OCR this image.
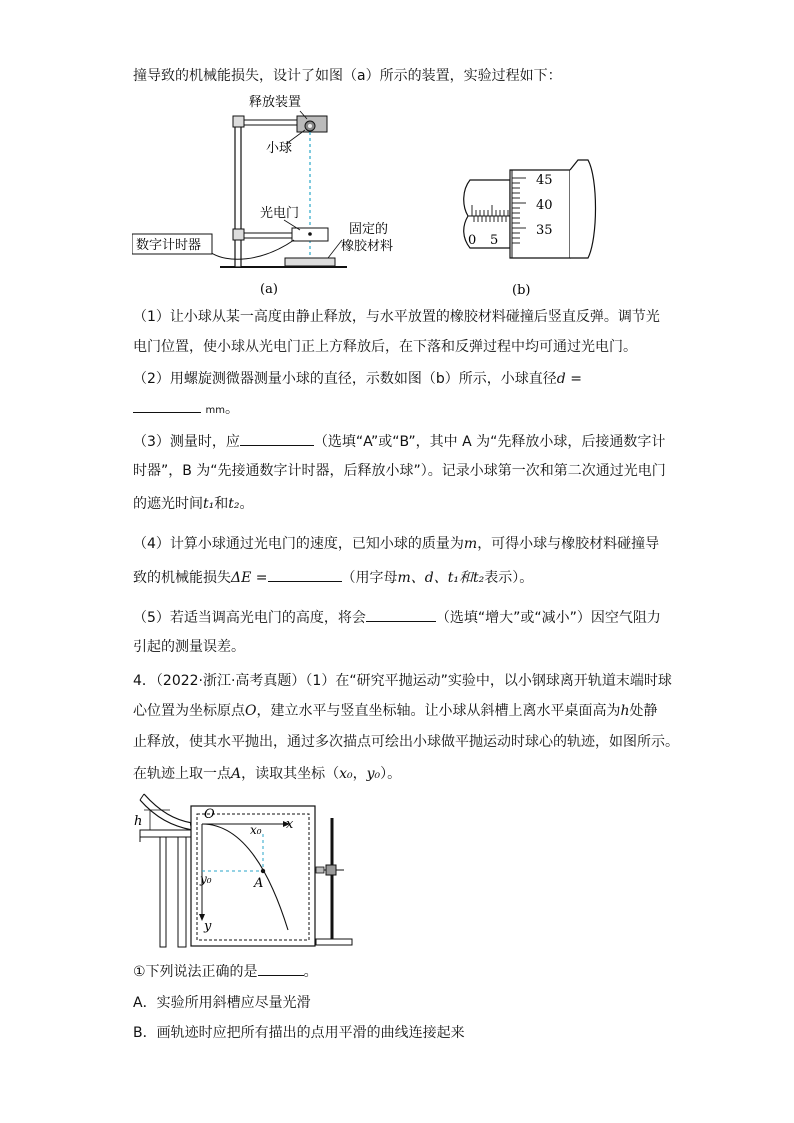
撞导致的机械能损失，设计了如图（a）所示的装置，实验过程如下：
数字计时器
释放装置
小球
光电门
固定的
橡胶材料
(a)
0 5
45
40
35
(b)
（1）让小球从某一高度由静止释放，与水平放置的橡胶材料碰撞后竖直反弹。调节光
电门位置，使小球从光电门正上方释放后，在下落和反弹过程中均可通过光电门。
（2）用螺旋测微器测量小球的直径，示数如图（b）所示，小球直径d =
mm。
（3）测量时，应	（选填“A”或“B”，其中 A 为“先释放小球，后接通数字计
时器”，B 为“先接通数字计时器，后释放小球”）。记录小球第一次和第二次通过光电门
的遮光时间t₁和t₂。
（4）计算小球通过光电门的速度，已知小球的质量为m，可得小球与橡胶材料碰撞导
致的机械能损失ΔE =	（用字母m、d、t₁和t₂表示）。
（5）若适当调高光电门的高度，将会	（选填“增大”或“减小”）因空气阻力
引起的测量误差。
4．（2022·浙江·高考真题）（1）在“研究平抛运动”实验中，以小钢球离开轨道末端时球
心位置为坐标原点O，建立水平与竖直坐标轴。让小球从斜槽上离水平桌面高为h处静
止释放，使其水平抛出，通过多次描点可绘出小球做平抛运动时球心的轨迹，如图所示。
在轨迹上取一点A，读取其坐标（x₀，y₀）。
h	O
x
y
x₀
y₀	A
①下列说法正确的是	。
A．实验所用斜槽应尽量光滑
B．画轨迹时应把所有描出的点用平滑的曲线连接起来
